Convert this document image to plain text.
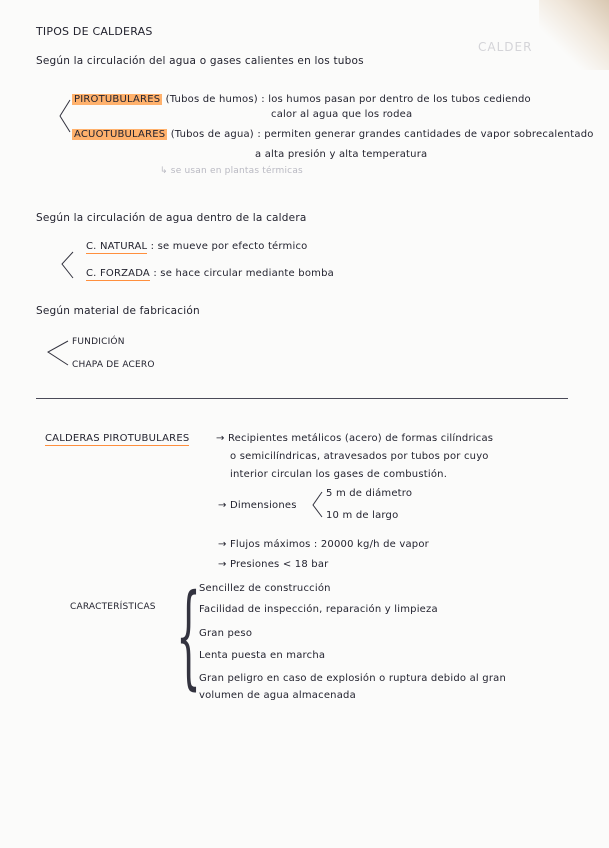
CALDER
TIPOS DE CALDERAS
Según la circulación del agua o gases calientes en los tubos
PIROTUBULARES (Tubos de humos) : los humos pasan por dentro de los tubos cediendo
calor al agua que los rodea
ACUOTUBULARES (Tubos de agua) : permiten generar grandes cantidades de vapor sobrecalentado
a alta presión y alta temperatura
↳ se usan en plantas térmicas
Según la circulación de agua dentro de la caldera
C. NATURAL : se mueve por efecto térmico
C. FORZADA : se hace circular mediante bomba
Según material de fabricación
FUNDICIÓN
CHAPA DE ACERO
CALDERAS PIROTUBULARES	→ Recipientes metálicos (acero) de formas cilíndricas
o semicilíndricas, atravesados por tubos por cuyo
interior circulan los gases de combustión.
→ Dimensiones
5 m de diámetro
10 m de largo
→ Flujos máximos : 20000 kg/h de vapor
→ Presiones < 18 bar
CARACTERÍSTICAS {
Sencillez de construcción
Facilidad de inspección, reparación y limpieza
Gran peso
Lenta puesta en marcha
Gran peligro en caso de explosión o ruptura debido al gran
volumen de agua almacenada
